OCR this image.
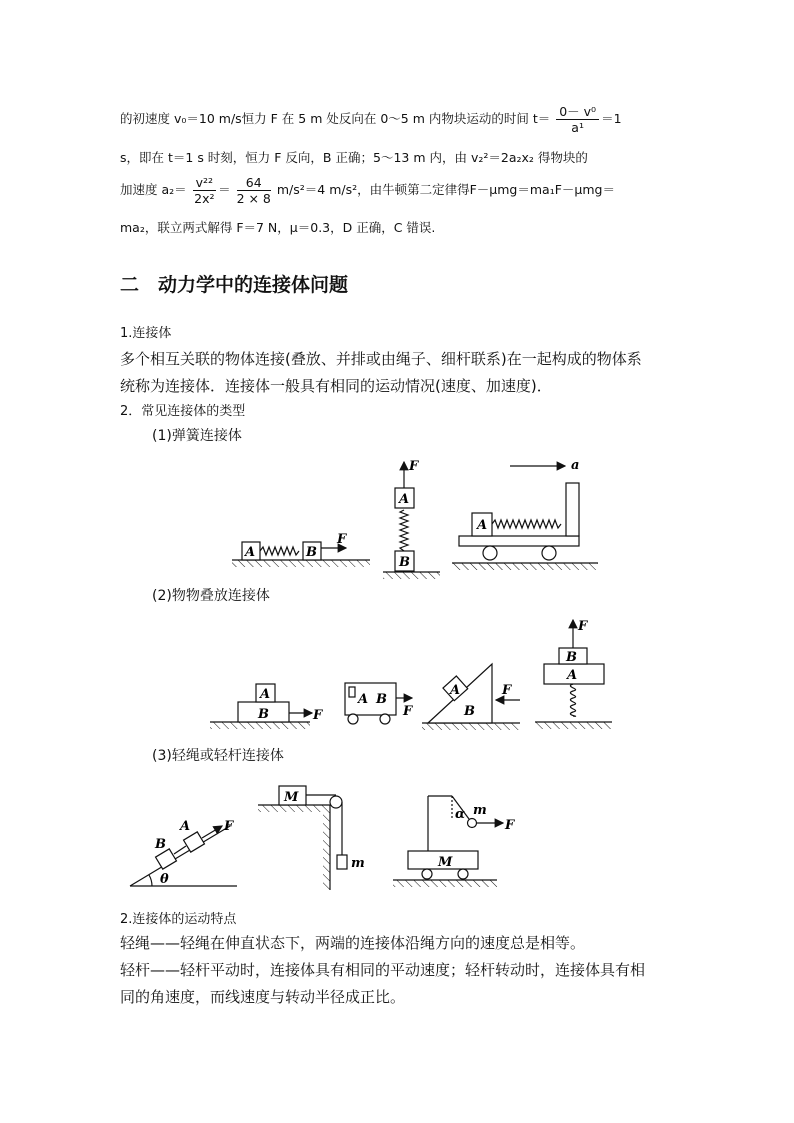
的初速度 v₀＝10 m/s恒力 F 在 5 m 处反向在 0～5 m 内物块运动的时间 $t= \frac{\text{0－ v⁰}}{\text{a¹}} =1$
s，即在 t＝1 s 时刻，恒力 F 反向，B 正确；5～13 m 内，由 v₂²＝2a₂x₂ 得物块的
加速度 $a_2= \frac{\text{v²²}}{\text{2x²}} = \frac{64}{2 \times 8} m/s^2=4$ m/s²，由牛顿第二定律得F－μmg＝ma₁F－μmg＝
ma₂，联立两式解得 F＝7 N，μ＝0.3，D 正确，C 错误.
二　动力学中的连接体问题
1.连接体
多个相互关联的物体连接(叠放、并排或由绳子、细杆联系)在一起构成的物体系
统称为连接体．连接体一般具有相同的运动情况(速度、加速度)．
2．常见连接体的类型
(1)弹簧连接体
(2)物物叠放连接体
(3)轻绳或轻杆连接体
2.连接体的运动特点
轻绳——轻绳在伸直状态下，两端的连接体沿绳方向的速度总是相等。
轻杆——轻杆平动时，连接体具有相同的平动速度；轻杆转动时，连接体具有相
同的角速度，而线速度与转动半径成正比。
A	B
F
A
B
F
A
a
A
B	F
A B
F
A
B
F
B
A
F
B
A	F
θ
M
m	M
m
α
F
